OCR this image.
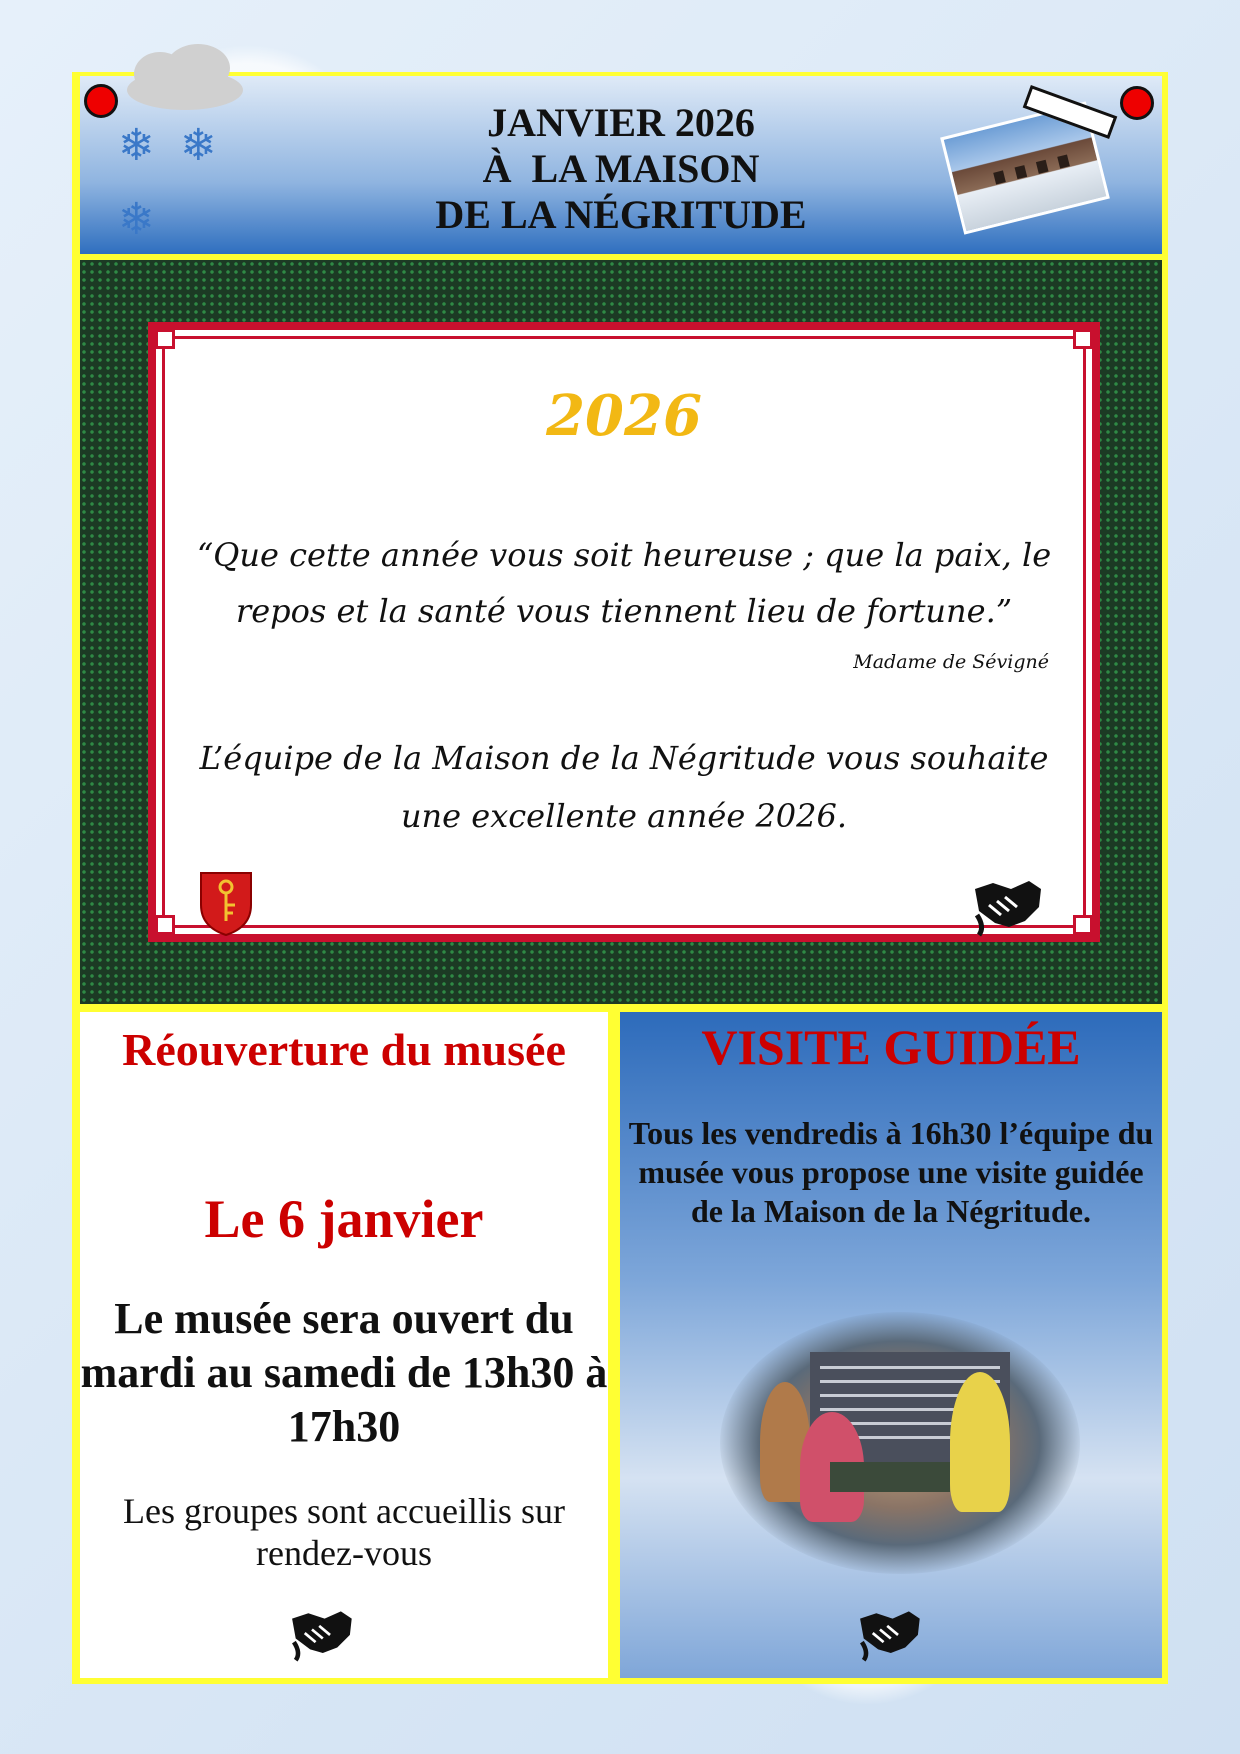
JANVIER 2026
À  LA MAISON
DE LA NÉGRITUDE
❄ ❄
❄
2026
“Que cette année vous soit heureuse ; que la paix, le repos et la santé vous tiennent lieu de fortune.”
Madame de Sévigné
L’équipe de la Maison de la Négritude vous souhaite une excellente année 2026.
Réouverture du musée
Le 6 janvier
Le musée sera ouvert du mardi au samedi de 13h30 à 17h30
Les groupes sont accueillis sur rendez-vous
VISITE GUIDÉE
Tous les vendredis à 16h30 l’équipe du musée vous propose une visite guidée de la Maison de la Négritude.
